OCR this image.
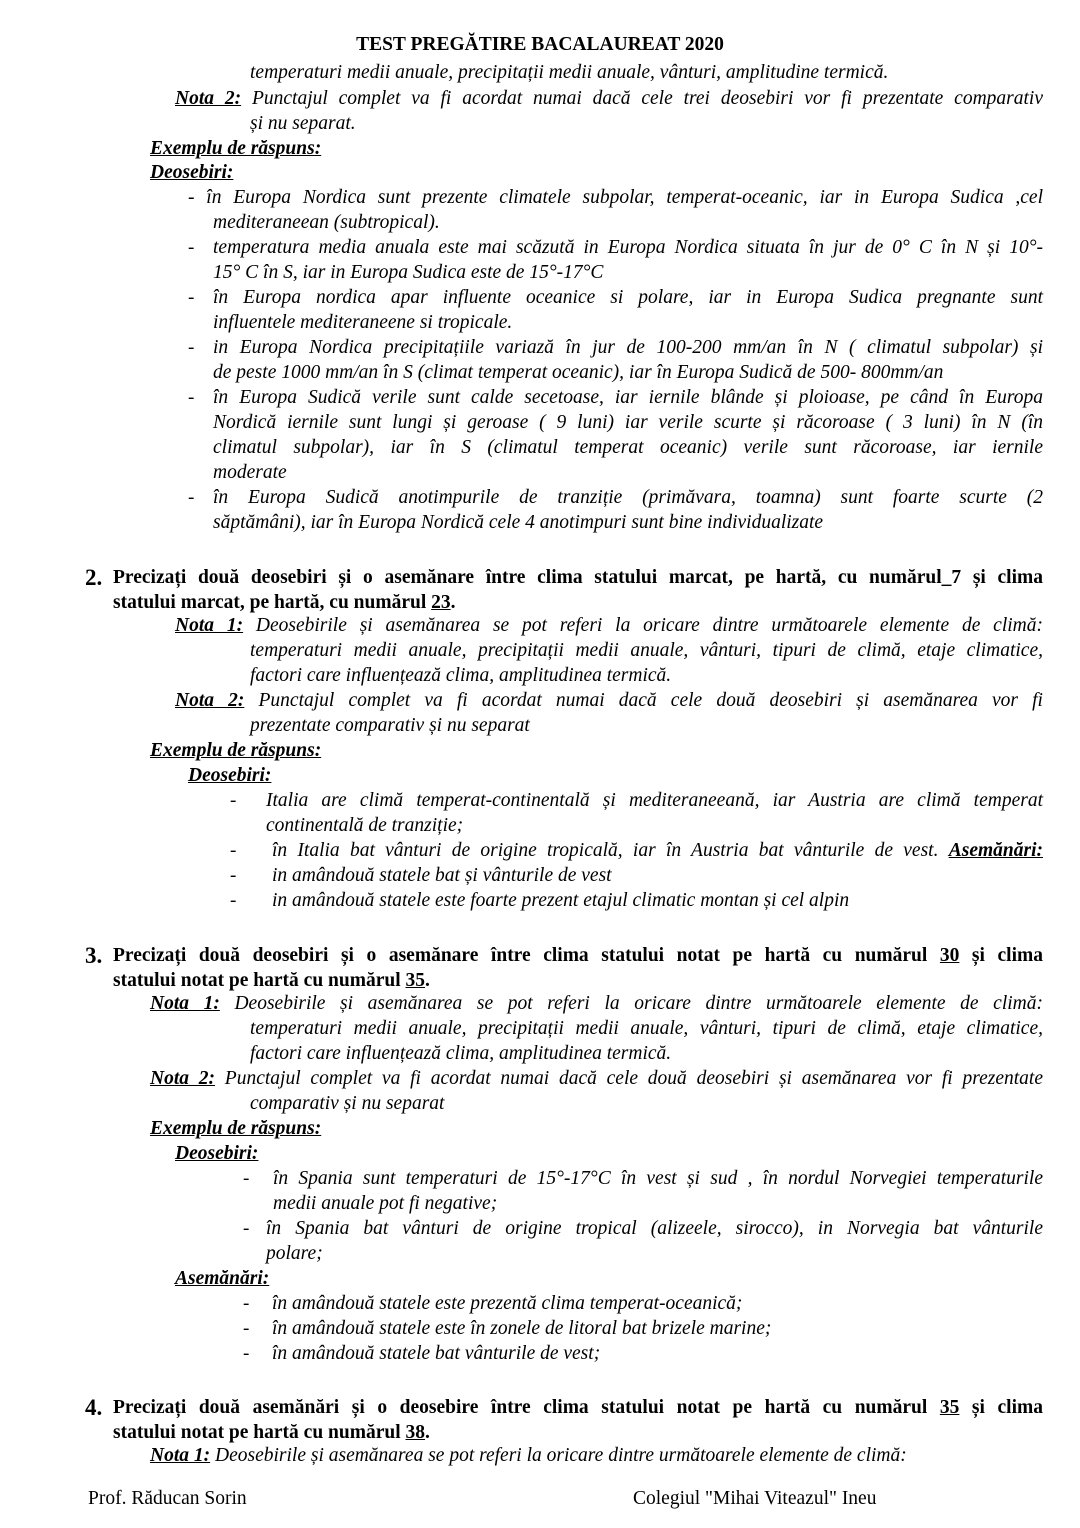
TEST PREGĂTIRE BACALAUREAT 2020
temperaturi medii anuale, precipitații medii anuale, vânturi, amplitudine termică.
Nota 2: Punctajul complet va fi acordat numai dacă cele trei deosebiri vor fi prezentate comparativ
și nu separat.
Exemplu de răspuns:
Deosebiri:
- în Europa Nordica sunt prezente climatele subpolar, temperat-oceanic, iar in Europa Sudica ,cel
mediteraneean (subtropical).
- temperatura media anuala este mai scăzută in Europa Nordica situata în jur de 0° C în N și 10°-
15° C în S, iar in Europa Sudica este de 15°-17°C
- în Europa nordica apar influente oceanice si polare, iar in Europa Sudica pregnante sunt
influentele mediteraneene si tropicale.
- in Europa Nordica precipitațiile variază în jur de 100-200 mm/an în N ( climatul subpolar) și
de peste 1000 mm/an în S (climat temperat oceanic), iar în Europa Sudică de 500- 800mm/an
- în Europa Sudică verile sunt calde secetoase, iar iernile blânde și ploioase, pe când în Europa
Nordică iernile sunt lungi și geroase ( 9 luni) iar verile scurte și răcoroase ( 3 luni) în N (în
climatul subpolar), iar în S (climatul temperat oceanic) verile sunt răcoroase, iar iernile
moderate
- în Europa Sudică anotimpurile de tranziție (primăvara, toamna) sunt foarte scurte (2
săptămâni), iar în Europa Nordică cele 4 anotimpuri sunt bine individualizate
2. Precizați două deosebiri și o asemănare între clima statului marcat, pe hartă, cu numărul_7 și clima
statului marcat, pe hartă, cu numărul 23.
Nota 1: Deosebirile și asemănarea se pot referi la oricare dintre următoarele elemente de climă:
temperaturi medii anuale, precipitații medii anuale, vânturi, tipuri de climă, etaje climatice,
factori care influențează clima, amplitudinea termică.
Nota 2: Punctajul complet va fi acordat numai dacă cele două deosebiri și asemănarea vor fi
prezentate comparativ și nu separat
Exemplu de răspuns:
Deosebiri:
- Italia are climă temperat-continentală și mediteraneeană, iar Austria are climă temperat
continentală de tranziție;
- în Italia bat vânturi de origine tropicală, iar în Austria bat vânturile de vest. Asemănări:
- in amândouă statele bat și vânturile de vest
- in amândouă statele este foarte prezent etajul climatic montan și cel alpin
3. Precizați două deosebiri și o asemănare între clima statului notat pe hartă cu numărul 30 și clima
statului notat pe hartă cu numărul 35.
Nota 1: Deosebirile și asemănarea se pot referi la oricare dintre următoarele elemente de climă:
temperaturi medii anuale, precipitații medii anuale, vânturi, tipuri de climă, etaje climatice,
factori care influențează clima, amplitudinea termică.
Nota 2: Punctajul complet va fi acordat numai dacă cele două deosebiri și asemănarea vor fi prezentate
comparativ și nu separat
Exemplu de răspuns:
Deosebiri:
- în Spania sunt temperaturi de 15°-17°C în vest și sud , în nordul Norvegiei temperaturile
medii anuale pot fi negative;
- în Spania bat vânturi de origine tropical (alizeele, sirocco), in Norvegia bat vânturile
polare;
Asemănări:
- în amândouă statele este prezentă clima temperat-oceanică;
- în amândouă statele este în zonele de litoral bat brizele marine;
- în amândouă statele bat vânturile de vest;
4. Precizați două asemănări și o deosebire între clima statului notat pe hartă cu numărul 35 și clima
statului notat pe hartă cu numărul 38.
Nota 1: Deosebirile și asemănarea se pot referi la oricare dintre următoarele elemente de climă:
Prof. Răducan Sorin	Colegiul "Mihai Viteazul" Ineu
